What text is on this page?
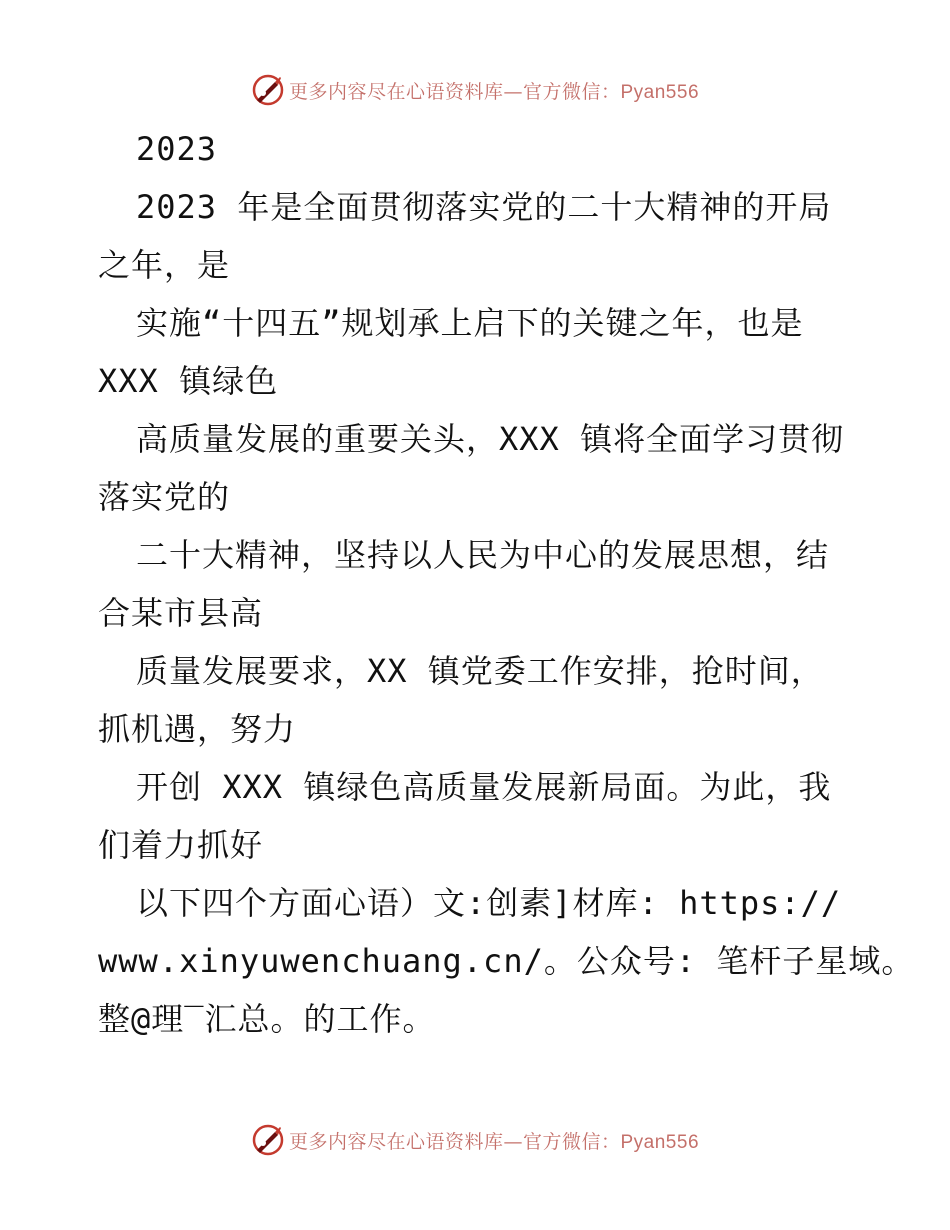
更多内容尽在心语资料库—官方微信：Pyan556
2023
2023 年是全面贯彻落实党的二十大精神的开局
之年，是
实施“十四五”规划承上启下的关键之年，也是
XXX 镇绿色
高质量发展的重要关头，XXX 镇将全面学习贯彻
落实党的
二十大精神，坚持以人民为中心的发展思想，结
合某市县高
质量发展要求，XX 镇党委工作安排，抢时间，
抓机遇，努力
开创 XXX 镇绿色高质量发展新局面。为此，我
们着力抓好
以下四个方面心语）文:创素]材库: https://
www.xinyuwenchuang.cn/。公众号: 笔杆子星域。
整@理‾汇总。的工作。
更多内容尽在心语资料库—官方微信：Pyan556
